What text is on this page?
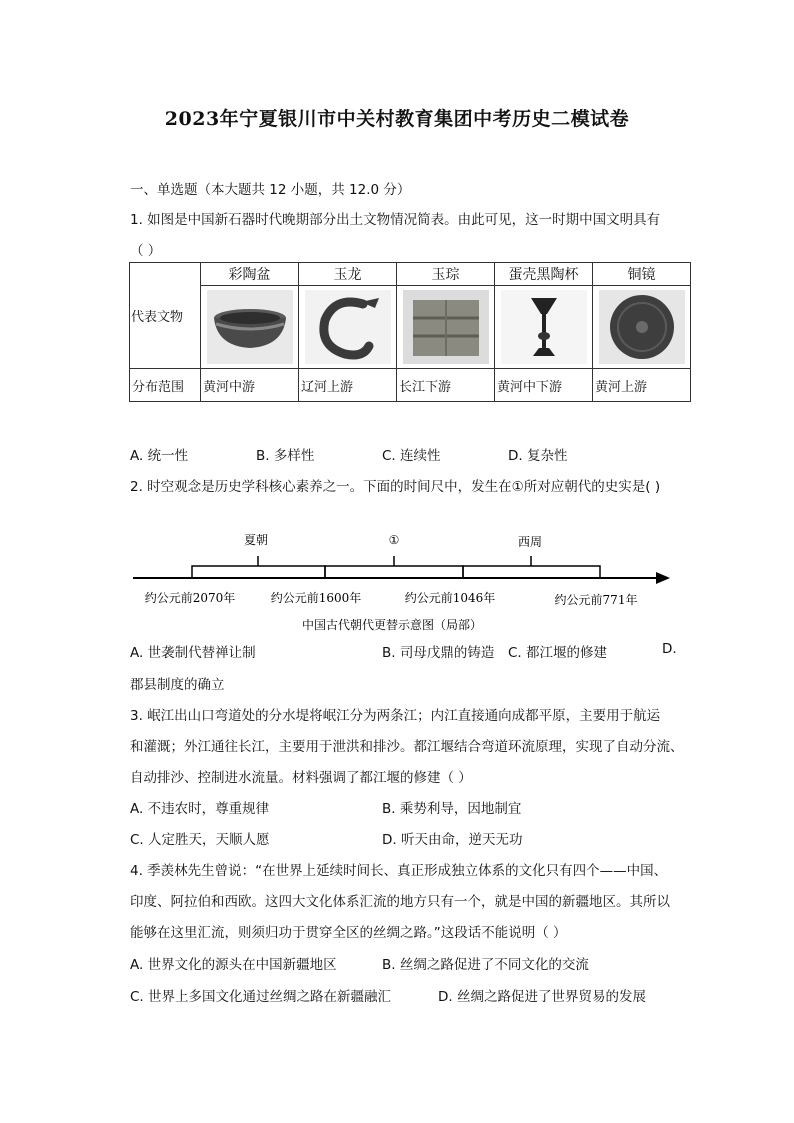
2023年宁夏银川市中关村教育集团中考历史二模试卷
一、单选题（本大题共 12 小题，共 12.0 分）
1. 如图是中国新石器时代晚期部分出土文物情况简表。由此可见，这一时期中国文明具有
（ ）
代表文物	彩陶盆	玉龙	玉琮	蛋壳黑陶杯	铜镜

分布范围	黄河中游	辽河上游	长江下游	黄河中下游	黄河上游
A. 统一性	B. 多样性	C. 连续性	D. 复杂性
2. 时空观念是历史学科核心素养之一。下面的时间尺中，发生在①所对应朝代的史实是( )
夏朝	①	西周
约公元前2070年	约公元前1600年	约公元前1046年	约公元前771年
中国古代朝代更替示意图（局部）
A. 世袭制代替禅让制	B. 司母戊鼎的铸造 C. 都江堰的修建	D.
郡县制度的确立
3. 岷江出山口弯道处的分水堤将岷江分为两条江；内江直接通向成都平原，主要用于航运
和灌溉；外江通往长江，主要用于泄洪和排沙。都江堰结合弯道环流原理，实现了自动分流、
自动排沙、控制进水流量。材料强调了都江堰的修建（ ）
A. 不违农时，尊重规律	B. 乘势利导，因地制宜
C. 人定胜天，天顺人愿	D. 听天由命，逆天无功
4. 季羡林先生曾说：“在世界上延续时间长、真正形成独立体系的文化只有四个——中国、
印度、阿拉伯和西欧。这四大文化体系汇流的地方只有一个，就是中国的新疆地区。其所以
能够在这里汇流，则须归功于贯穿全区的丝绸之路。”这段话不能说明（ ）
A. 世界文化的源头在中国新疆地区	B. 丝绸之路促进了不同文化的交流
C. 世界上多国文化通过丝绸之路在新疆融汇	D. 丝绸之路促进了世界贸易的发展
